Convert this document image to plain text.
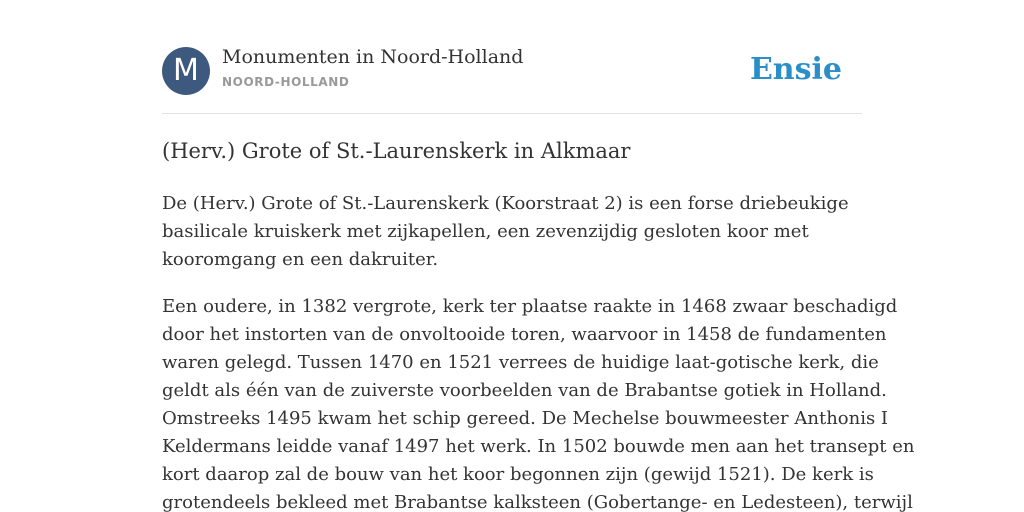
M	Monumenten in Noord-Holland
NOORD-HOLLAND	Ensie
(Herv.) Grote of St.-Laurenskerk in Alkmaar

De (Herv.) Grote of St.-Laurenskerk (Koorstraat 2) is een forse driebeukige
basilicale kruiskerk met zijkapellen, een zevenzijdig gesloten koor met
kooromgang en een dakruiter.

Een oudere, in 1382 vergrote, kerk ter plaatse raakte in 1468 zwaar beschadigd
door het instorten van de onvoltooide toren, waarvoor in 1458 de fundamenten
waren gelegd. Tussen 1470 en 1521 verrees de huidige laat-gotische kerk, die
geldt als één van de zuiverste voorbeelden van de Brabantse gotiek in Holland.
Omstreeks 1495 kwam het schip gereed. De Mechelse bouwmeester Anthonis I
Keldermans leidde vanaf 1497 het werk. In 1502 bouwde men aan het transept en
kort daarop zal de bouw van het koor begonnen zijn (gewijd 1521). De kerk is
grotendeels bekleed met Brabantse kalksteen (Gobertange- en Ledesteen), terwijl
